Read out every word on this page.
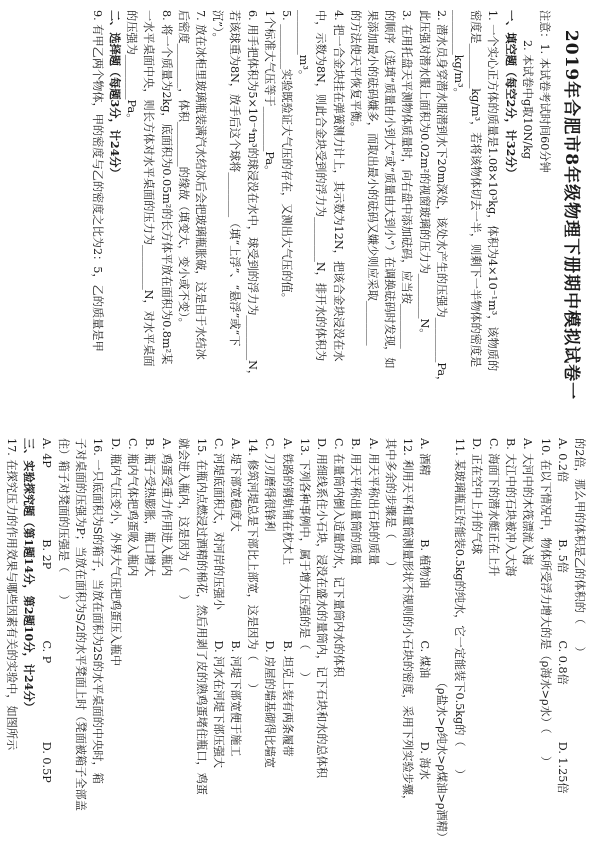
2019年合肥市8年级物理下册期中模拟试卷一
注意：1. 本试卷考试时间60分钟
2. 本试卷中g取10N/kg
一、填空题（每空2分，计32分）
1. 一个实心正方体的质量是1.08×10³kg，体积为4×10⁻¹m³，该物质的
密度是________kg/m³，若将该物体切去一半，则剩下一半物体的密度是
________kg/m³。
2. 潜水员身穿潜水服潜到水下20m深处，该处水产生的压强为________Pa，
此压强对潜水服上面积为0.02m²的视窗玻璃的压力为________N。
3. 在用托盘天平测物体质量时，向右盘中添加砝码，应当按________
的顺序（选填“质量由小到大”或“质量由大到小”）在调换砝码时发现，如
果添加最小的砝码嫌多，而取出最小的砝码又嫌少则应采取________
的方法使天平恢复平衡。
4. 把一合金块挂在弹簧测力计上，其示数为12N，把该合金块浸没在水
中，示数为8N，则此合金块受到的浮力为________N，排开水的体积为
________m³。
5. ________实验既验证大气压的存在，又测出大气压的值。
1个标准大气压等于________Pa。
6. 用手把体积为5×10⁻⁴m³的球浸没在水中，球受到的浮力为________N，
若该球重为8N，放手后这个球将________（填“上浮”、“悬浮”或“下
沉”）。
7. 放在冰柜里玻璃瓶装满汽水结冰后会把玻璃瓶胀破，这是由于水结冰
后密度________，体积________的缘故（填变大，变小或不变）。
8. 将一个质量为2kg，底面积为0.05m²的长方体平放在面积为0.8m²某
一水平桌面中央，则长方体对水平桌面的压力为________N，对水平桌面
的压强为________Pa。
二、选择题（每题3分，计24分）
9. 有甲乙两个物体，甲的密度与乙的密度之比为2：5，乙的质量是甲
的2倍，那么甲的体积是乙的体积的（　　）
A. 0.2倍
B. 5倍
C. 0.8倍
D. 1.25倍
10. 在以下情况中，物体所受浮力增大的是（ρ海水>ρ水）（　　）
A. 大河中的木筏漂流入海
B. 大江中的石块被冲入大海
C. 海面下的潜水艇正在上升
D. 正在空中上升的气球
11. 某玻璃瓶正好能装0.5kg的纯水，它一定能装下0.5kg的（　　）
（ρ盐水>ρ纯水>ρ煤油>ρ酒精）
A. 酒精
B. 植物油
C. 煤油
D. 海水
12. 利用天平和量筒测量形状不规则的小石块的密度，采用下列实验步骤，
其中多余的步骤是（　　）
A. 用天平称出石块的质量
B. 用天平称出量筒的质量
C. 在量筒内倒入适量的水，记下量筒内水的体积
D. 用细线系住小石块，浸没在盛水的量筒内，记下石块和水的总体积
13. 下列各种事例中，属于增大压强的是（　　）
A. 铁路的钢轨铺在枕木上
B. 坦克上装有两条履带
C. 刀刃磨得很锋利
D. 房屋的墙基砌得比墙宽
14. 修筑河堤总是下部比上部宽，这是因为（　　）
A. 堤下部宽稳度大
B. 河堤下部宽便于施工
C. 河堤底面积大，对河岸的压强小
D. 河水在河堤下部压强大
15. 在瓶内点燃浸过酒精的棉花，然后用剥了皮的熟鸡蛋堵住瓶口，鸡蛋
就会进入瓶内，这是因为（　　）
A. 鸡蛋受重力作用进入瓶内
B. 瓶子受热膨胀，瓶口增大
C. 瓶内气体把鸡蛋吸入瓶内
D. 瓶内气压变小，外界大气压把鸡蛋压入瓶中
16. 一只底面积为S的箱子，当放在面积为2S的水平桌面的中央时，箱
子对桌面的压强为P；当放在面积为S/2的水平凳面上时（凳面被箱子全部盖
住）箱子对凳面的压强是（　　）
A. 4P
B. 2P
C. P
D. 0.5P
三、实验探究题（第1题14分，第2题10分，计24分）
17. 在探究压力的作用效果与哪些因素有关的实验中，如图所示
